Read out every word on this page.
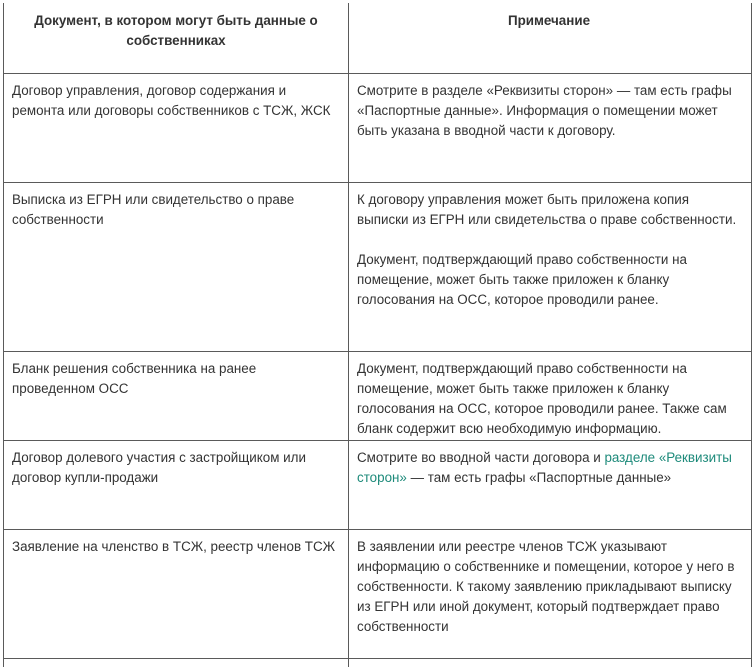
Документ, в котором могут быть данные о собственниках
Примечание
Договор управления, договор содержания и ремонта или договоры собственников с ТСЖ, ЖСК

Смотрите в разделе «Реквизиты сторон» — там есть графы «Паспортные данные». Информация о помещении может быть указана в вводной части к договору.

Выписка из ЕГРН или свидетельство о праве собственности

К договору управления может быть приложена копия выписки из ЕГРН или свидетельства о праве собственности.

Документ, подтверждающий право собственности на помещение, может быть также приложен к бланку голосования на ОСС, которое проводили ранее.

Бланк решения собственника на ранее проведенном ОСС

Документ, подтверждающий право собственности на помещение, может быть также приложен к бланку голосования на ОСС, которое проводили ранее. Также сам бланк содержит всю необходимую информацию.

Договор долевого участия с застройщиком или договор купли-продажи

Смотрите во вводной части договора и разделе «Реквизиты сторон» — там есть графы «Паспортные данные»

Заявление на членство в ТСЖ, реестр членов ТСЖ	В заявлении или реестре членов ТСЖ указывают информацию о собственнике и помещении, которое у него в собственности. К такому заявлению прикладывают выписку из ЕГРН или иной документ, который подтверждает право собственности
